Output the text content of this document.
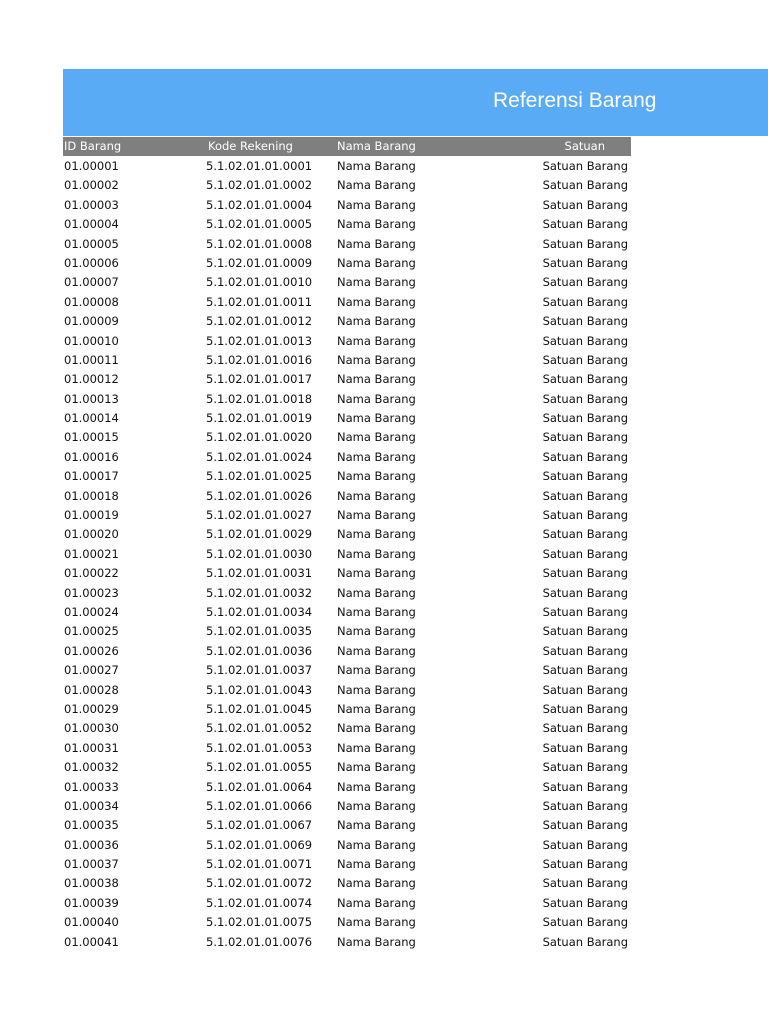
Referensi Barang
ID Barang	Kode Rekening	Nama Barang	Satuan
01.00001	5.1.02.01.01.0001 Nama Barang	Satuan Barang
01.00002	5.1.02.01.01.0002 Nama Barang	Satuan Barang
01.00003	5.1.02.01.01.0004 Nama Barang	Satuan Barang
01.00004	5.1.02.01.01.0005 Nama Barang	Satuan Barang
01.00005	5.1.02.01.01.0008 Nama Barang	Satuan Barang
01.00006	5.1.02.01.01.0009 Nama Barang	Satuan Barang
01.00007	5.1.02.01.01.0010 Nama Barang	Satuan Barang
01.00008	5.1.02.01.01.0011 Nama Barang	Satuan Barang
01.00009	5.1.02.01.01.0012 Nama Barang	Satuan Barang
01.00010	5.1.02.01.01.0013 Nama Barang	Satuan Barang
01.00011	5.1.02.01.01.0016 Nama Barang	Satuan Barang
01.00012	5.1.02.01.01.0017 Nama Barang	Satuan Barang
01.00013	5.1.02.01.01.0018 Nama Barang	Satuan Barang
01.00014	5.1.02.01.01.0019 Nama Barang	Satuan Barang
01.00015	5.1.02.01.01.0020 Nama Barang	Satuan Barang
01.00016	5.1.02.01.01.0024 Nama Barang	Satuan Barang
01.00017	5.1.02.01.01.0025 Nama Barang	Satuan Barang
01.00018	5.1.02.01.01.0026 Nama Barang	Satuan Barang
01.00019	5.1.02.01.01.0027 Nama Barang	Satuan Barang
01.00020	5.1.02.01.01.0029 Nama Barang	Satuan Barang
01.00021	5.1.02.01.01.0030 Nama Barang	Satuan Barang
01.00022	5.1.02.01.01.0031 Nama Barang	Satuan Barang
01.00023	5.1.02.01.01.0032 Nama Barang	Satuan Barang
01.00024	5.1.02.01.01.0034 Nama Barang	Satuan Barang
01.00025	5.1.02.01.01.0035 Nama Barang	Satuan Barang
01.00026	5.1.02.01.01.0036 Nama Barang	Satuan Barang
01.00027	5.1.02.01.01.0037 Nama Barang	Satuan Barang
01.00028	5.1.02.01.01.0043 Nama Barang	Satuan Barang
01.00029	5.1.02.01.01.0045 Nama Barang	Satuan Barang
01.00030	5.1.02.01.01.0052 Nama Barang	Satuan Barang
01.00031	5.1.02.01.01.0053 Nama Barang	Satuan Barang
01.00032	5.1.02.01.01.0055 Nama Barang	Satuan Barang
01.00033	5.1.02.01.01.0064 Nama Barang	Satuan Barang
01.00034	5.1.02.01.01.0066 Nama Barang	Satuan Barang
01.00035	5.1.02.01.01.0067 Nama Barang	Satuan Barang
01.00036	5.1.02.01.01.0069 Nama Barang	Satuan Barang
01.00037	5.1.02.01.01.0071 Nama Barang	Satuan Barang
01.00038	5.1.02.01.01.0072 Nama Barang	Satuan Barang
01.00039	5.1.02.01.01.0074 Nama Barang	Satuan Barang
01.00040	5.1.02.01.01.0075 Nama Barang	Satuan Barang
01.00041	5.1.02.01.01.0076 Nama Barang	Satuan Barang
